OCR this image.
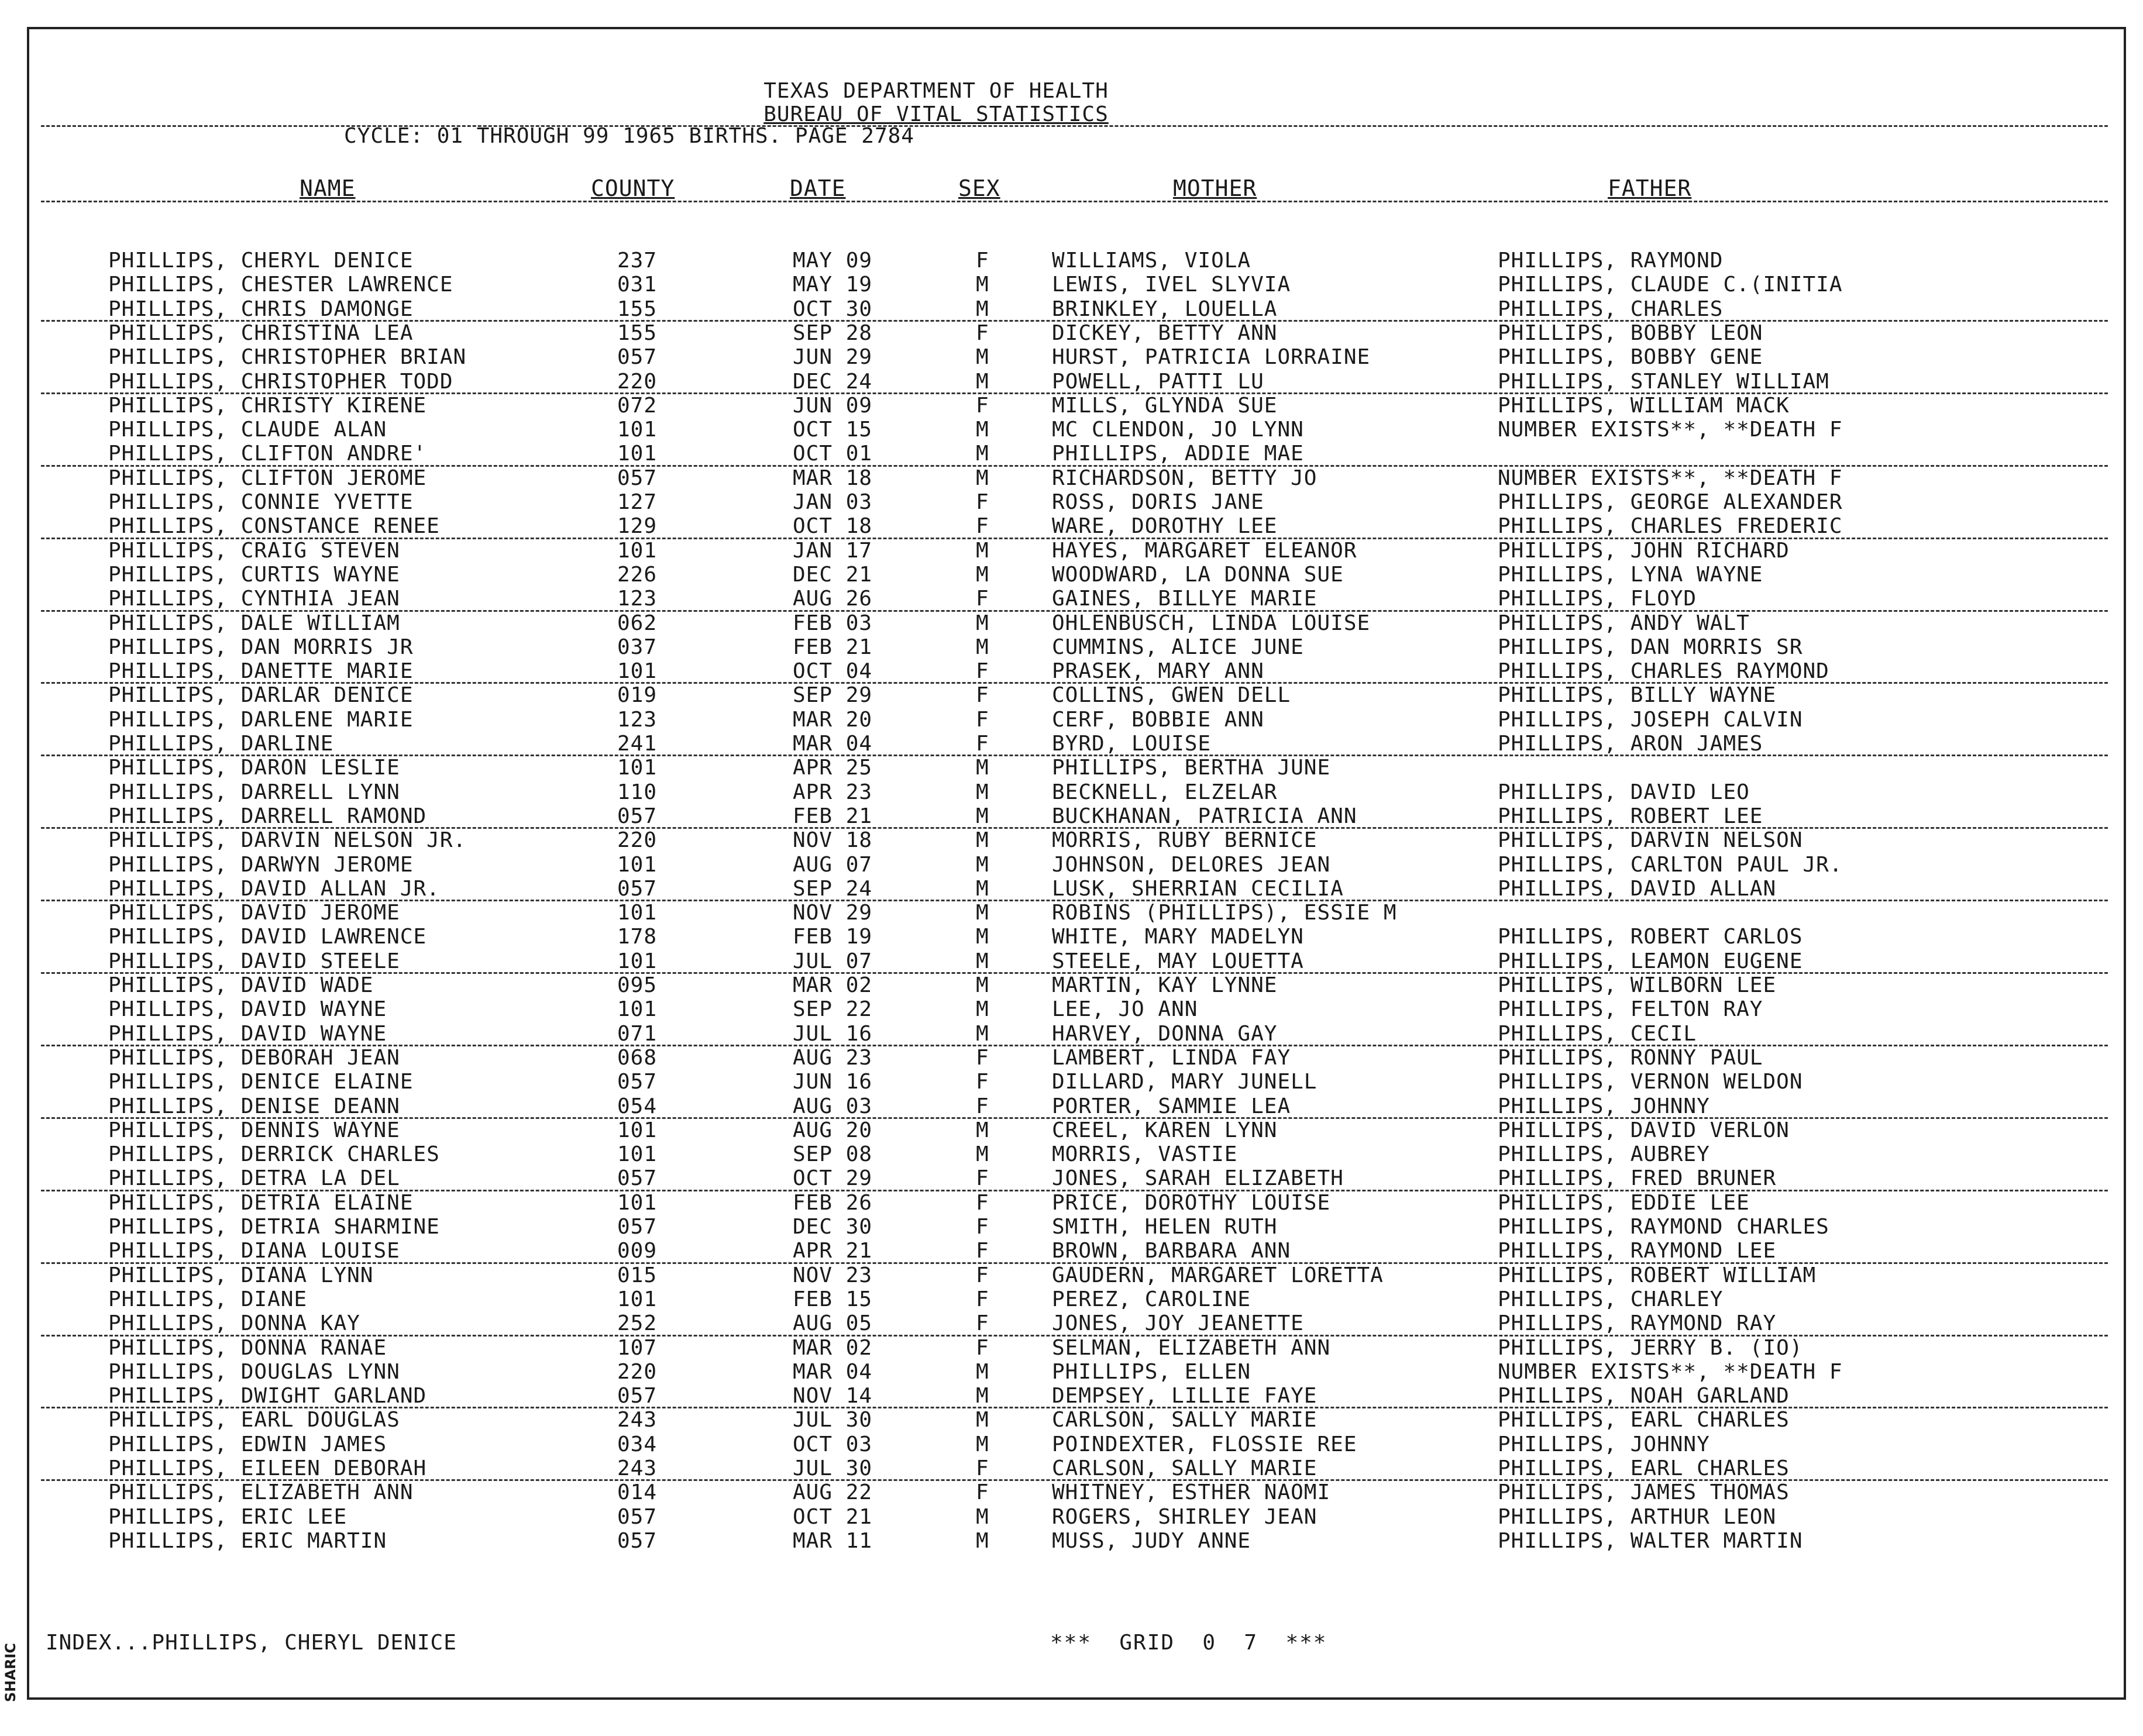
TEXAS DEPARTMENT OF HEALTH
BUREAU OF VITAL STATISTICS
CYCLE: 01 THROUGH 99 1965 BIRTHS. PAGE 2784
NAME	COUNTY	DATE	SEX	MOTHER	FATHER
PHILLIPS, CHERYL DENICE	237	MAY 09	F	WILLIAMS, VIOLA	PHILLIPS, RAYMOND
PHILLIPS, CHESTER LAWRENCE	031	MAY 19	M	LEWIS, IVEL SLYVIA	PHILLIPS, CLAUDE C.(INITIA
PHILLIPS, CHRIS DAMONGE	155	OCT 30	M	BRINKLEY, LOUELLA	PHILLIPS, CHARLES
PHILLIPS, CHRISTINA LEA	155	SEP 28	F	DICKEY, BETTY ANN	PHILLIPS, BOBBY LEON
PHILLIPS, CHRISTOPHER BRIAN	057	JUN 29	M	HURST, PATRICIA LORRAINE	PHILLIPS, BOBBY GENE
PHILLIPS, CHRISTOPHER TODD	220	DEC 24	M	POWELL, PATTI LU	PHILLIPS, STANLEY WILLIAM
PHILLIPS, CHRISTY KIRENE	072	JUN 09	F	MILLS, GLYNDA SUE	PHILLIPS, WILLIAM MACK
PHILLIPS, CLAUDE ALAN	101	OCT 15	M	MC CLENDON, JO LYNN	NUMBER EXISTS**, **DEATH F
PHILLIPS, CLIFTON ANDRE'	101	OCT 01	M	PHILLIPS, ADDIE MAE
PHILLIPS, CLIFTON JEROME	057	MAR 18	M	RICHARDSON, BETTY JO	NUMBER EXISTS**, **DEATH F
PHILLIPS, CONNIE YVETTE	127	JAN 03	F	ROSS, DORIS JANE	PHILLIPS, GEORGE ALEXANDER
PHILLIPS, CONSTANCE RENEE	129	OCT 18	F	WARE, DOROTHY LEE	PHILLIPS, CHARLES FREDERIC
PHILLIPS, CRAIG STEVEN	101	JAN 17	M	HAYES, MARGARET ELEANOR	PHILLIPS, JOHN RICHARD
PHILLIPS, CURTIS WAYNE	226	DEC 21	M	WOODWARD, LA DONNA SUE	PHILLIPS, LYNA WAYNE
PHILLIPS, CYNTHIA JEAN	123	AUG 26	F	GAINES, BILLYE MARIE	PHILLIPS, FLOYD
PHILLIPS, DALE WILLIAM	062	FEB 03	M	OHLENBUSCH, LINDA LOUISE	PHILLIPS, ANDY WALT
PHILLIPS, DAN MORRIS JR	037	FEB 21	M	CUMMINS, ALICE JUNE	PHILLIPS, DAN MORRIS SR
PHILLIPS, DANETTE MARIE	101	OCT 04	F	PRASEK, MARY ANN	PHILLIPS, CHARLES RAYMOND
PHILLIPS, DARLAR DENICE	019	SEP 29	F	COLLINS, GWEN DELL	PHILLIPS, BILLY WAYNE
PHILLIPS, DARLENE MARIE	123	MAR 20	F	CERF, BOBBIE ANN	PHILLIPS, JOSEPH CALVIN
PHILLIPS, DARLINE	241	MAR 04	F	BYRD, LOUISE	PHILLIPS, ARON JAMES
PHILLIPS, DARON LESLIE	101	APR 25	M	PHILLIPS, BERTHA JUNE
PHILLIPS, DARRELL LYNN	110	APR 23	M	BECKNELL, ELZELAR	PHILLIPS, DAVID LEO
PHILLIPS, DARRELL RAMOND	057	FEB 21	M	BUCKHANAN, PATRICIA ANN	PHILLIPS, ROBERT LEE
PHILLIPS, DARVIN NELSON JR.	220	NOV 18	M	MORRIS, RUBY BERNICE	PHILLIPS, DARVIN NELSON
PHILLIPS, DARWYN JEROME	101	AUG 07	M	JOHNSON, DELORES JEAN	PHILLIPS, CARLTON PAUL JR.
PHILLIPS, DAVID ALLAN JR.	057	SEP 24	M	LUSK, SHERRIAN CECILIA	PHILLIPS, DAVID ALLAN
PHILLIPS, DAVID JEROME	101	NOV 29	M	ROBINS (PHILLIPS), ESSIE M
PHILLIPS, DAVID LAWRENCE	178	FEB 19	M	WHITE, MARY MADELYN	PHILLIPS, ROBERT CARLOS
PHILLIPS, DAVID STEELE	101	JUL 07	M	STEELE, MAY LOUETTA	PHILLIPS, LEAMON EUGENE
PHILLIPS, DAVID WADE	095	MAR 02	M	MARTIN, KAY LYNNE	PHILLIPS, WILBORN LEE
PHILLIPS, DAVID WAYNE	101	SEP 22	M	LEE, JO ANN	PHILLIPS, FELTON RAY
PHILLIPS, DAVID WAYNE	071	JUL 16	M	HARVEY, DONNA GAY	PHILLIPS, CECIL
PHILLIPS, DEBORAH JEAN	068	AUG 23	F	LAMBERT, LINDA FAY	PHILLIPS, RONNY PAUL
PHILLIPS, DENICE ELAINE	057	JUN 16	F	DILLARD, MARY JUNELL	PHILLIPS, VERNON WELDON
PHILLIPS, DENISE DEANN	054	AUG 03	F	PORTER, SAMMIE LEA	PHILLIPS, JOHNNY
PHILLIPS, DENNIS WAYNE	101	AUG 20	M	CREEL, KAREN LYNN	PHILLIPS, DAVID VERLON
PHILLIPS, DERRICK CHARLES	101	SEP 08	M	MORRIS, VASTIE	PHILLIPS, AUBREY
PHILLIPS, DETRA LA DEL	057	OCT 29	F	JONES, SARAH ELIZABETH	PHILLIPS, FRED BRUNER
PHILLIPS, DETRIA ELAINE	101	FEB 26	F	PRICE, DOROTHY LOUISE	PHILLIPS, EDDIE LEE
PHILLIPS, DETRIA SHARMINE	057	DEC 30	F	SMITH, HELEN RUTH	PHILLIPS, RAYMOND CHARLES
PHILLIPS, DIANA LOUISE	009	APR 21	F	BROWN, BARBARA ANN	PHILLIPS, RAYMOND LEE
PHILLIPS, DIANA LYNN	015	NOV 23	F	GAUDERN, MARGARET LORETTA	PHILLIPS, ROBERT WILLIAM
PHILLIPS, DIANE	101	FEB 15	F	PEREZ, CAROLINE	PHILLIPS, CHARLEY
PHILLIPS, DONNA KAY	252	AUG 05	F	JONES, JOY JEANETTE	PHILLIPS, RAYMOND RAY
PHILLIPS, DONNA RANAE	107	MAR 02	F	SELMAN, ELIZABETH ANN	PHILLIPS, JERRY B. (IO)
PHILLIPS, DOUGLAS LYNN	220	MAR 04	M	PHILLIPS, ELLEN	NUMBER EXISTS**, **DEATH F
PHILLIPS, DWIGHT GARLAND	057	NOV 14	M	DEMPSEY, LILLIE FAYE	PHILLIPS, NOAH GARLAND
PHILLIPS, EARL DOUGLAS	243	JUL 30	M	CARLSON, SALLY MARIE	PHILLIPS, EARL CHARLES
PHILLIPS, EDWIN JAMES	034	OCT 03	M	POINDEXTER, FLOSSIE REE	PHILLIPS, JOHNNY
PHILLIPS, EILEEN DEBORAH	243	JUL 30	F	CARLSON, SALLY MARIE	PHILLIPS, EARL CHARLES
PHILLIPS, ELIZABETH ANN	014	AUG 22	F	WHITNEY, ESTHER NAOMI	PHILLIPS, JAMES THOMAS
PHILLIPS, ERIC LEE	057	OCT 21	M	ROGERS, SHIRLEY JEAN	PHILLIPS, ARTHUR LEON
PHILLIPS, ERIC MARTIN	057	MAR 11	M	MUSS, JUDY ANNE	PHILLIPS, WALTER MARTIN
INDEX...PHILLIPS, CHERYL DENICE	***  GRID  0  7  ***
SHARIC
